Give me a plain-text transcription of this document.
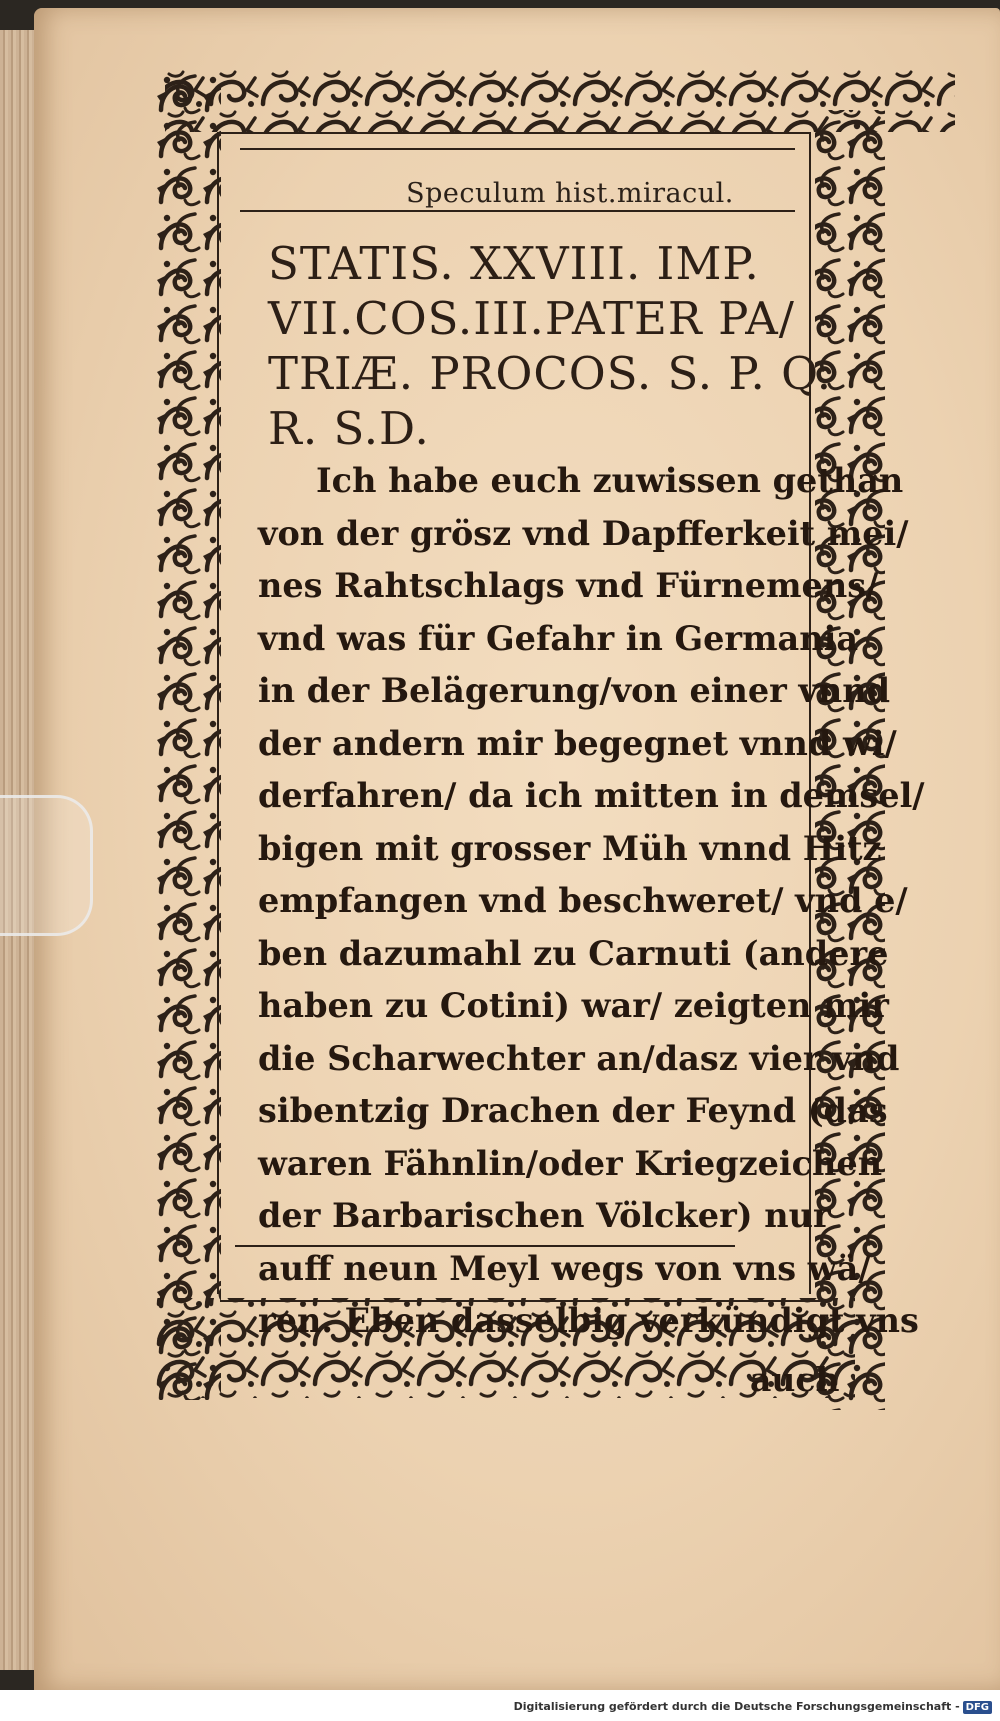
Speculum hist.miracul.
STATIS. XXVIII. IMP.
VII.COS.III.PATER PA/
TRIÆ. PROCOS. S. P. Q.
R. S.D.
Ich habe euch zuwissen gethan
von der grösz vnd Dapfferkeit mei/
nes Rahtschlags vnd Fürnemens/
vnd was für Gefahr in Germania
in der Belägerung/von einer vnnd
der andern mir begegnet vnnd wi/
derfahren/ da ich mitten in demsel/
bigen mit grosser Müh vnnd Hitz
empfangen vnd beschweret/ vnd e/
ben dazumahl zu Carnuti (andere
haben zu Cotini) war/ zeigten mir
die Scharwechter an/dasz vier vnd
sibentzig Drachen der Feynd (das
waren Fähnlin/oder Kriegzeichen
der Barbarischen Völcker) nur
auff neun Meyl wegs von vns wä/
ren. Eben dasselbig verkündigt vns
auch
Digitalisierung gefördert durch die Deutsche Forschungsgemeinschaft - DFG
